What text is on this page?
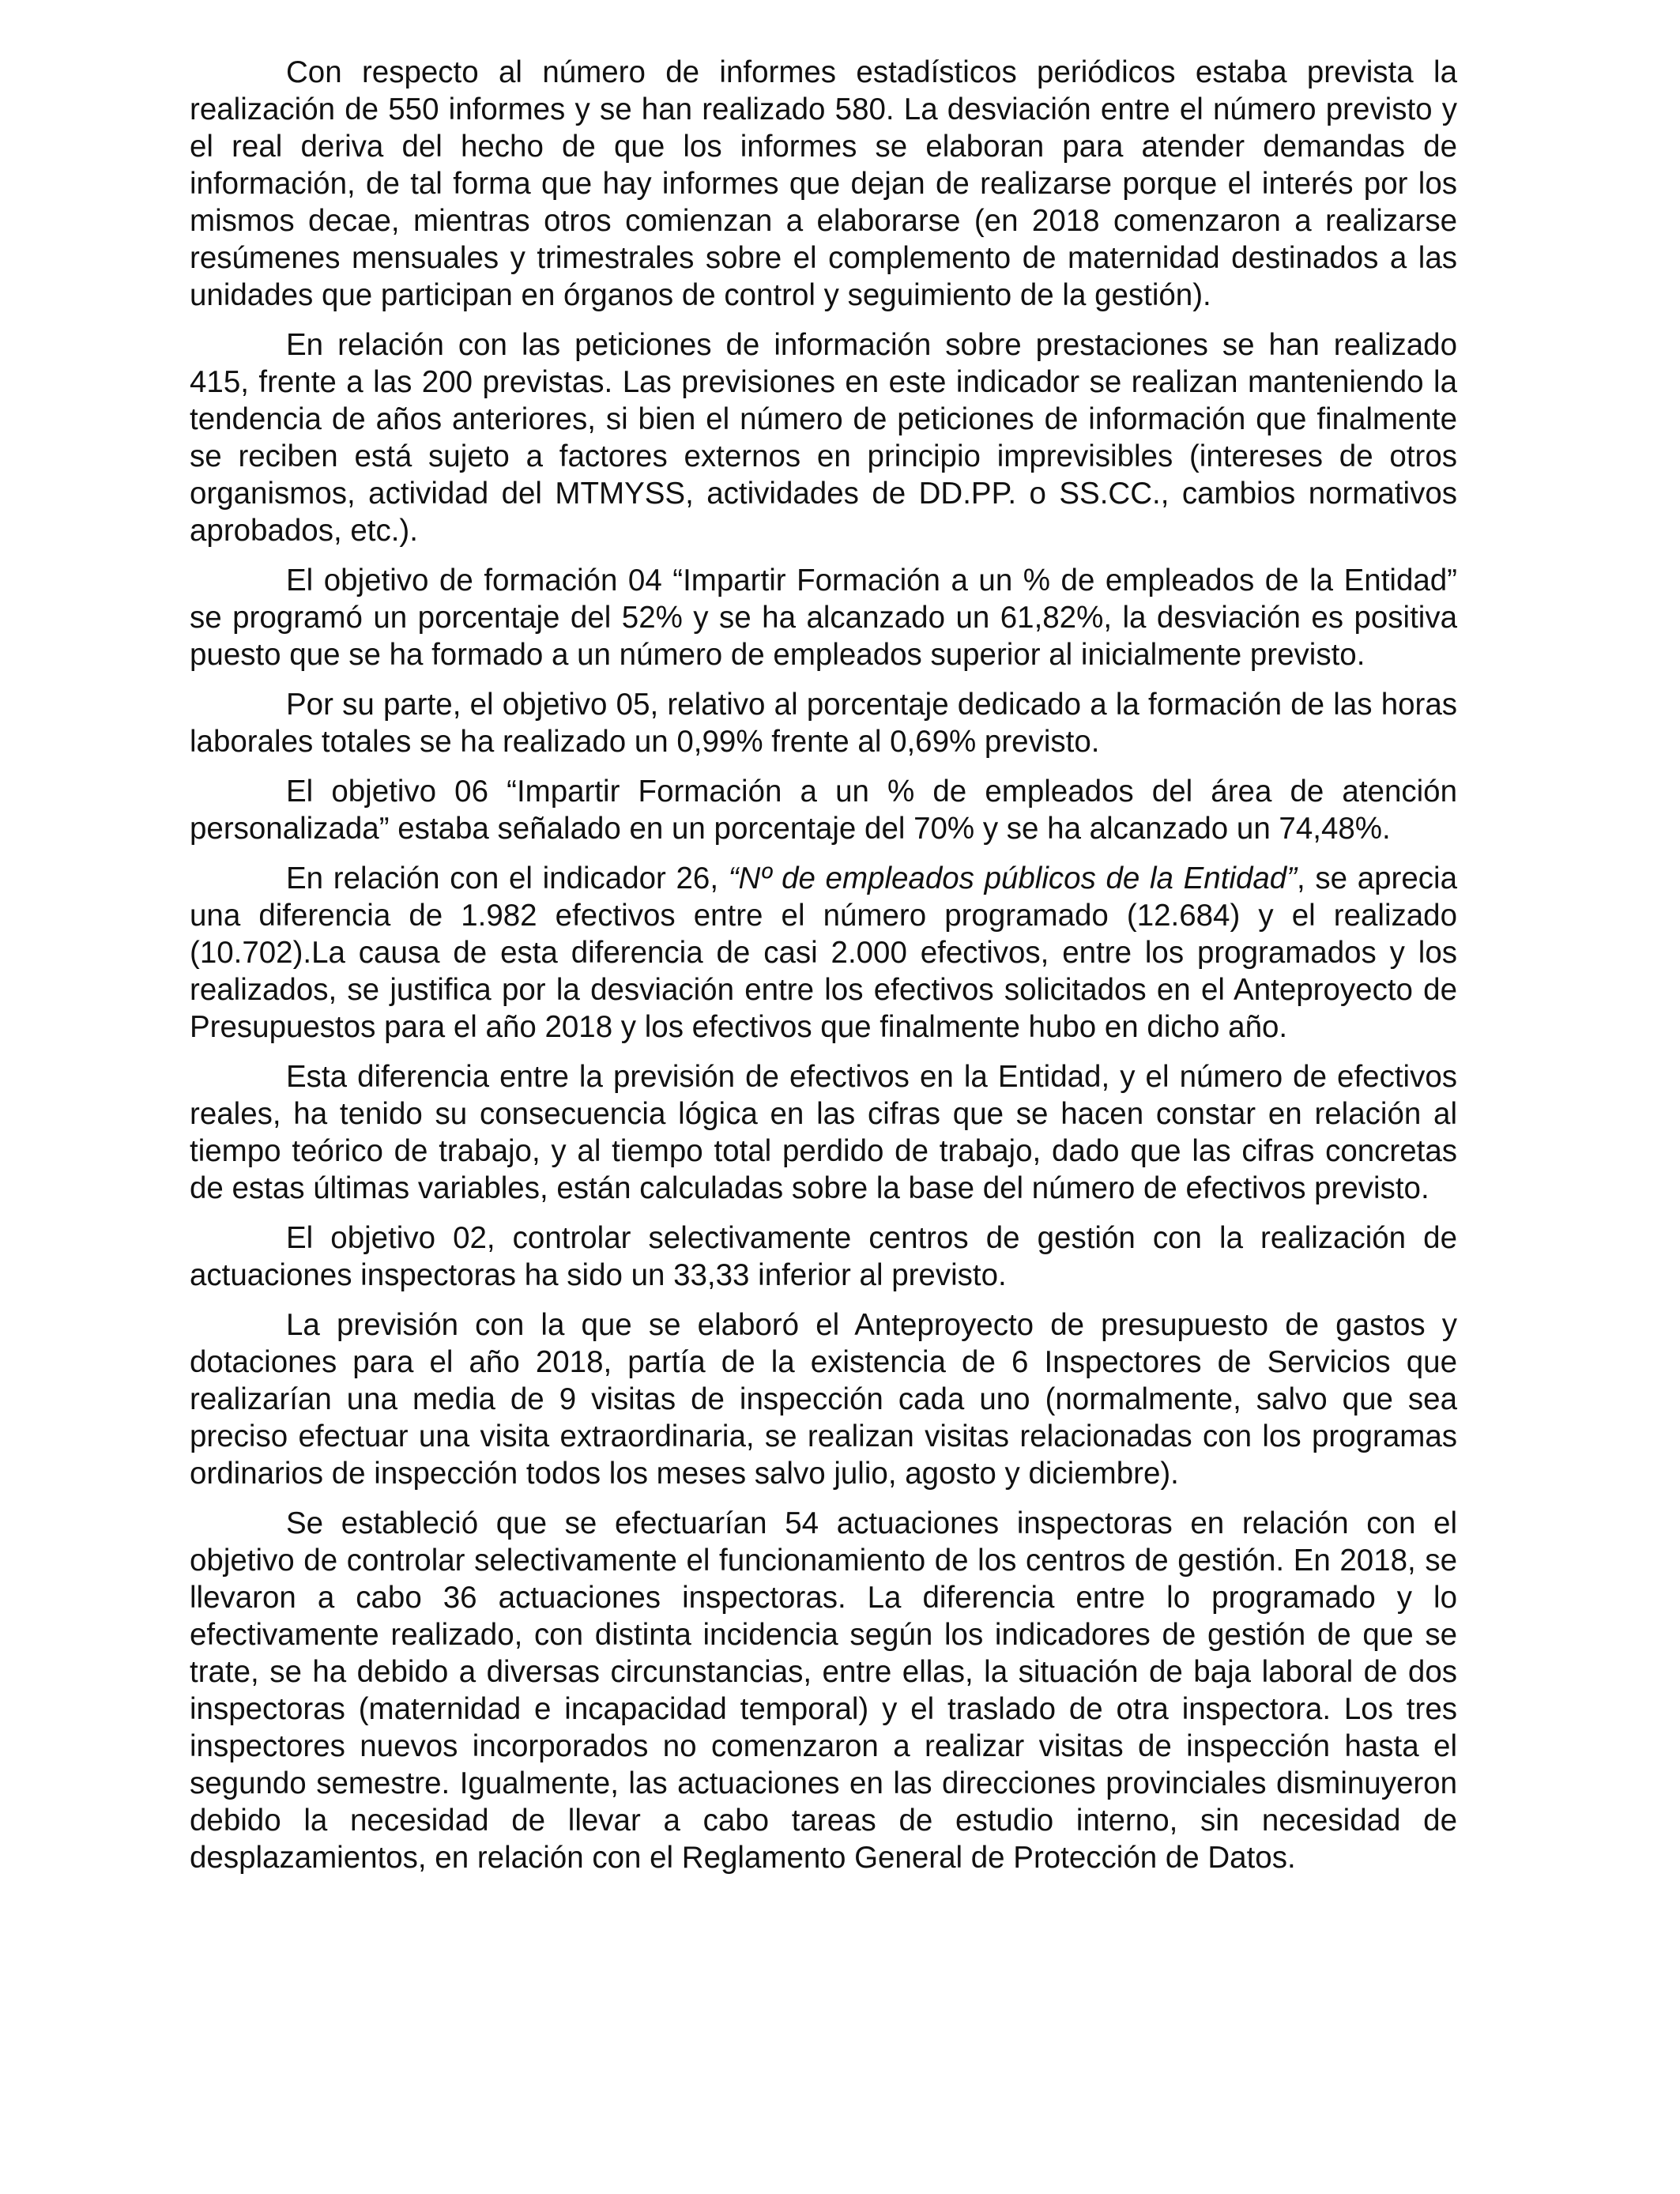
Con respecto al número de informes estadísticos periódicos estaba prevista la realización de 550 informes y se han realizado 580. La desviación entre el número previsto y el real deriva del hecho de que los informes se elaboran para atender demandas de información, de tal forma que hay informes que dejan de realizarse porque el interés por los mismos decae, mientras otros comienzan a elaborarse (en 2018 comenzaron a realizarse resúmenes mensuales y trimestrales sobre el complemento de maternidad destinados a las unidades que participan en órganos de control y seguimiento de la gestión).

En relación con las peticiones de información sobre prestaciones se han realizado 415, frente a las 200 previstas. Las previsiones en este indicador se realizan manteniendo la tendencia de años anteriores, si bien el número de peticiones de información que finalmente se reciben está sujeto a factores externos en principio imprevisibles (intereses de otros organismos, actividad del MTMYSS, actividades de DD.PP. o SS.CC., cambios normativos aprobados, etc.).

El objetivo de formación 04 “Impartir Formación a un % de empleados de la Entidad” se programó un porcentaje del 52% y se ha alcanzado un 61,82%, la desviación es positiva puesto que se ha formado a un número de empleados superior al inicialmente previsto.

Por su parte, el objetivo 05, relativo al porcentaje dedicado a la formación de las horas laborales totales se ha realizado un 0,99% frente al 0,69% previsto.

El objetivo 06 “Impartir Formación a un % de empleados del área de atención personalizada” estaba señalado en un porcentaje del 70% y se ha alcanzado un 74,48%.

En relación con el indicador 26, “Nº de empleados públicos de la Entidad”, se aprecia una diferencia de 1.982 efectivos entre el número programado (12.684) y el realizado (10.702).La causa de esta diferencia de casi 2.000 efectivos, entre los programados y los realizados, se justifica por la desviación entre los efectivos solicitados en el Anteproyecto de Presupuestos para el año 2018 y los efectivos que finalmente hubo en dicho año.

Esta diferencia entre la previsión de efectivos en la Entidad, y el número de efectivos reales, ha tenido su consecuencia lógica en las cifras que se hacen constar en relación al tiempo teórico de trabajo, y al tiempo total perdido de trabajo, dado que las cifras concretas de estas últimas variables, están calculadas sobre la base del número de efectivos previsto.

El objetivo 02, controlar selectivamente centros de gestión con la realización de actuaciones inspectoras ha sido un 33,33 inferior al previsto.

La previsión con la que se elaboró el Anteproyecto de presupuesto de gastos y dotaciones para el año 2018, partía de la existencia de 6 Inspectores de Servicios que realizarían una media de 9 visitas de inspección cada uno (normalmente, salvo que sea preciso efectuar una visita extraordinaria, se realizan visitas relacionadas con los programas ordinarios de inspección todos los meses salvo julio, agosto y diciembre).

Se estableció que se efectuarían 54 actuaciones inspectoras en relación con el objetivo de controlar selectivamente el funcionamiento de los centros de gestión. En 2018, se llevaron a cabo 36 actuaciones inspectoras. La diferencia entre lo programado y lo efectivamente realizado, con distinta incidencia según los indicadores de gestión de que se trate, se ha debido a diversas circunstancias, entre ellas, la situación de baja laboral de dos inspectoras (maternidad e incapacidad temporal) y el traslado de otra inspectora. Los tres inspectores nuevos incorporados no comenzaron a realizar visitas de inspección hasta el segundo semestre. Igualmente, las actuaciones en las direcciones provinciales disminuyeron debido la necesidad de llevar a cabo tareas de estudio interno, sin necesidad de desplazamientos, en relación con el Reglamento General de Protección de Datos.
